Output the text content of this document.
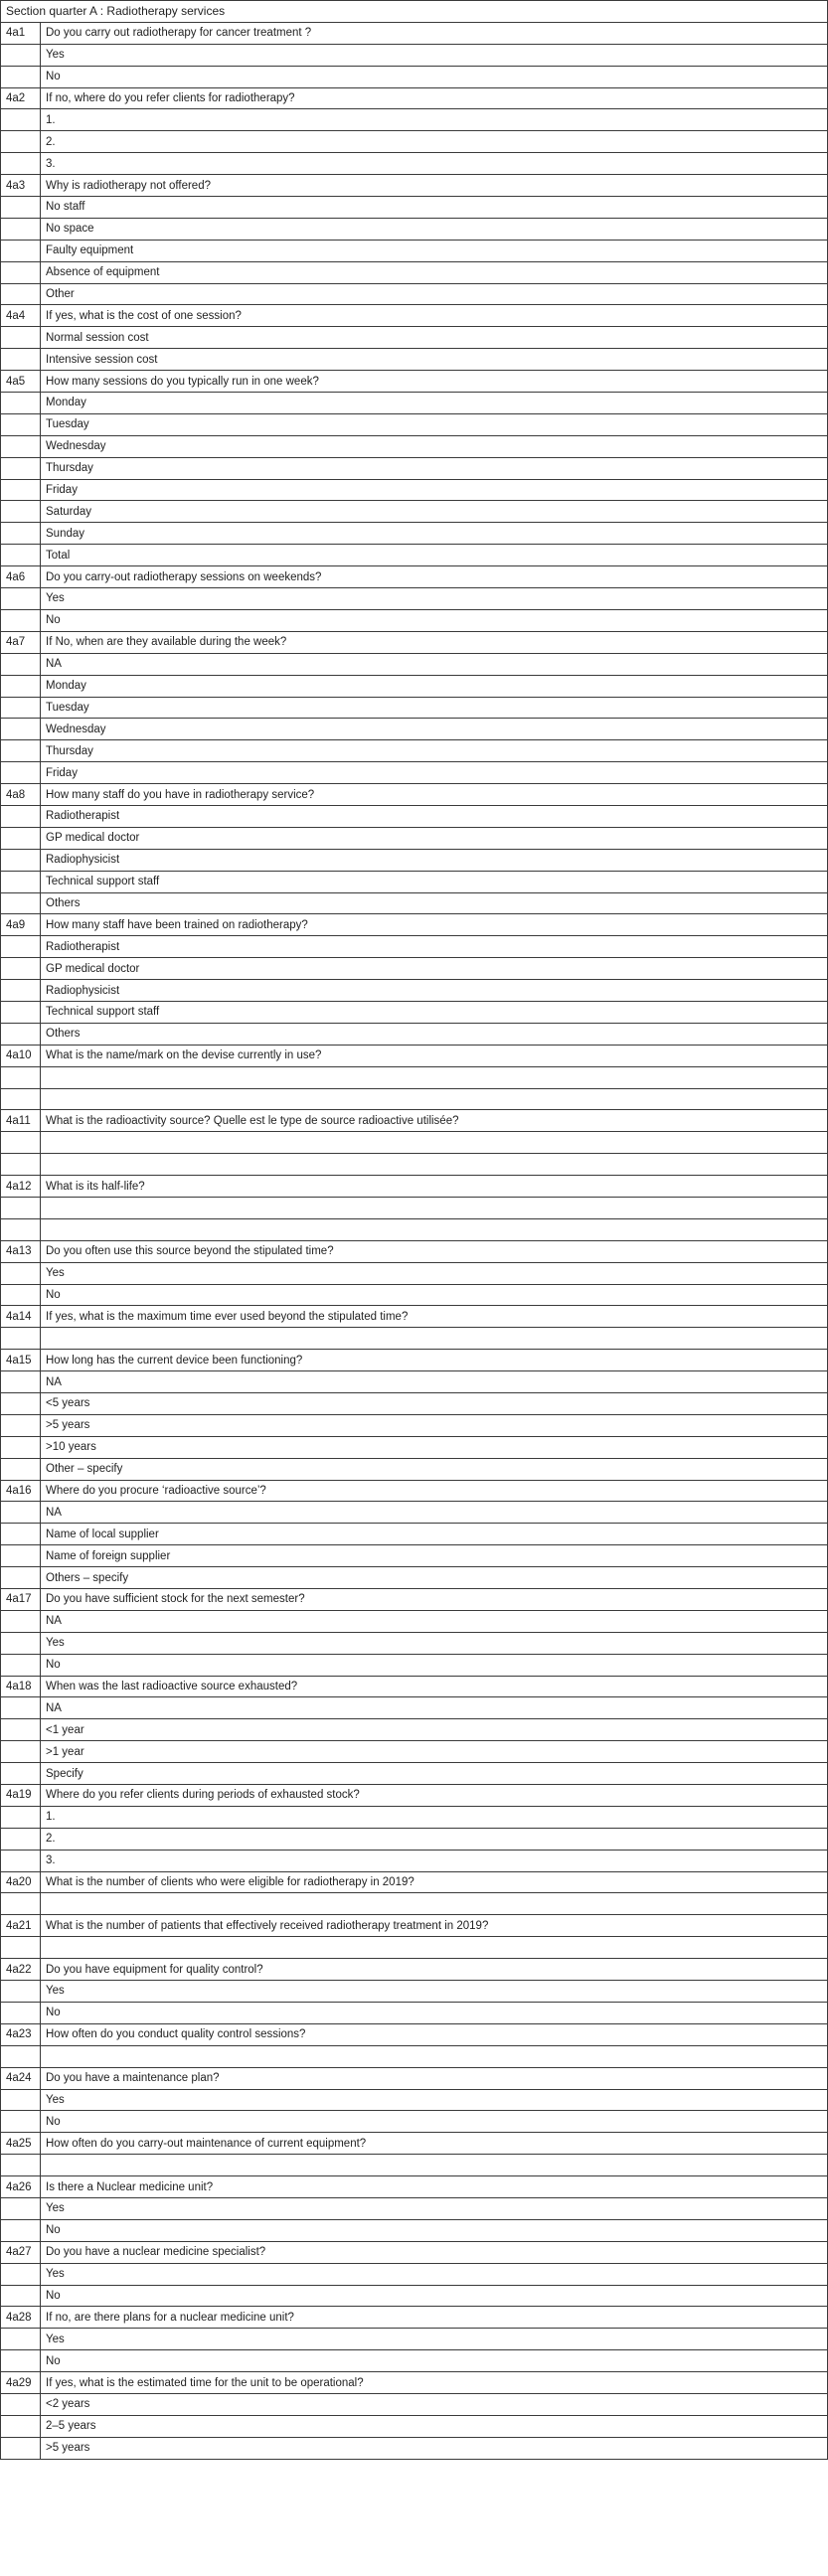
Section quarter A : Radiotherapy services	
4a1	Do you carry out radiotherapy for cancer treatment ?
	Yes
	No
4a2	If no, where do you refer clients for radiotherapy?
	1.
	2.
	3.
4a3	Why is radiotherapy not offered?
	No staff
	No space
	Faulty equipment
	Absence of equipment
	Other
4a4	If yes, what is the cost of one session?
	Normal session cost
	Intensive session cost
4a5	How many sessions do you typically run in one week?
	Monday
	Tuesday
	Wednesday
	Thursday
	Friday
	Saturday
	Sunday
	Total
4a6	Do you carry-out radiotherapy sessions on weekends?
	Yes
	No
4a7	If No, when are they available during the week?
	NA
	Monday
	Tuesday
	Wednesday
	Thursday
	Friday
4a8	How many staff do you have in radiotherapy service?
	Radiotherapist
	GP medical doctor
	Radiophysicist
	Technical support staff
	Others
4a9	How many staff have been trained on radiotherapy?
	Radiotherapist
	GP medical doctor
	Radiophysicist
	Technical support staff
	Others
4a10	What is the name/mark on the devise currently in use?

4a11	What is the radioactivity source? Quelle est le type de source radioactive utilisée?

4a12	What is its half-life?

4a13	Do you often use this source beyond the stipulated time?
	Yes
	No
4a14	If yes, what is the maximum time ever used beyond the stipulated time?

4a15	How long has the current device been functioning?
	NA
	<5 years
	>5 years
	>10 years
	Other – specify
4a16	Where do you procure ‘radioactive source’?
	NA
	Name of local supplier
	Name of foreign supplier
	Others – specify
4a17	Do you have sufficient stock for the next semester?
	NA
	Yes
	No
4a18	When was the last radioactive source exhausted?
	NA
	<1 year
	>1 year
	Specify
4a19	Where do you refer clients during periods of exhausted stock?
	1.
	2.
	3.
4a20	What is the number of clients who were eligible for radiotherapy in 2019?

4a21	What is the number of patients that effectively received radiotherapy treatment in 2019?

4a22	Do you have equipment for quality control?
	Yes
	No
4a23	How often do you conduct quality control sessions?

4a24	Do you have a maintenance plan?
	Yes
	No
4a25	How often do you carry-out maintenance of current equipment?

4a26	Is there a Nuclear medicine unit?
	Yes
	No
4a27	Do you have a nuclear medicine specialist?
	Yes
	No
4a28	If no, are there plans for a nuclear medicine unit?
	Yes
	No
4a29	If yes, what is the estimated time for the unit to be operational?
	<2 years
	2–5 years
	>5 years
